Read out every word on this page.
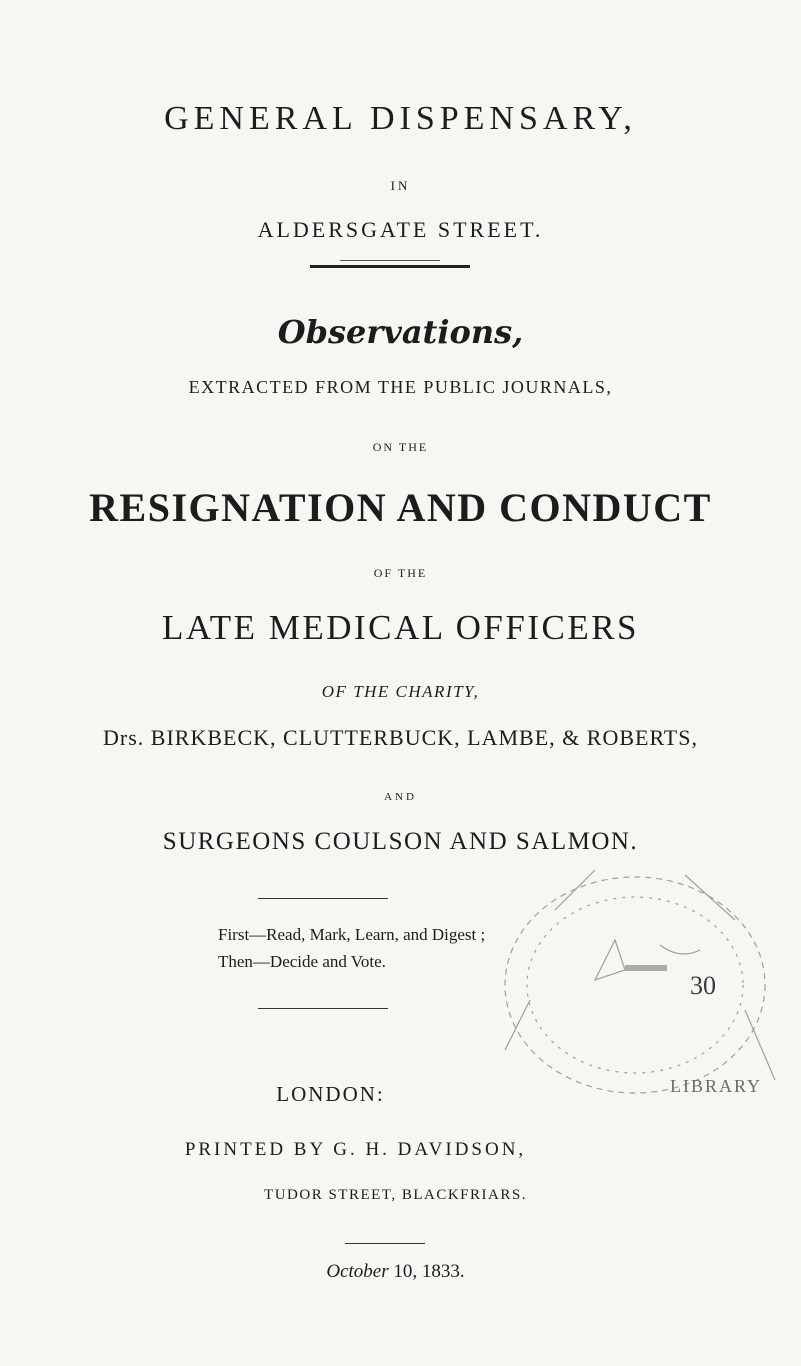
GENERAL DISPENSARY,
IN
ALDERSGATE STREET.
Observations,
EXTRACTED FROM THE PUBLIC JOURNALS,
ON THE
RESIGNATION AND CONDUCT
OF THE
LATE MEDICAL OFFICERS
OF THE CHARITY,
Drs. BIRKBECK, CLUTTERBUCK, LAMBE, & ROBERTS,
AND
SURGEONS COULSON AND SALMON.
First—Read, Mark, Learn, and Digest ;
Then—Decide and Vote.
30
LIBRARY
LONDON:
PRINTED BY G. H. DAVIDSON,
TUDOR STREET, BLACKFRIARS.
October 10, 1833.
